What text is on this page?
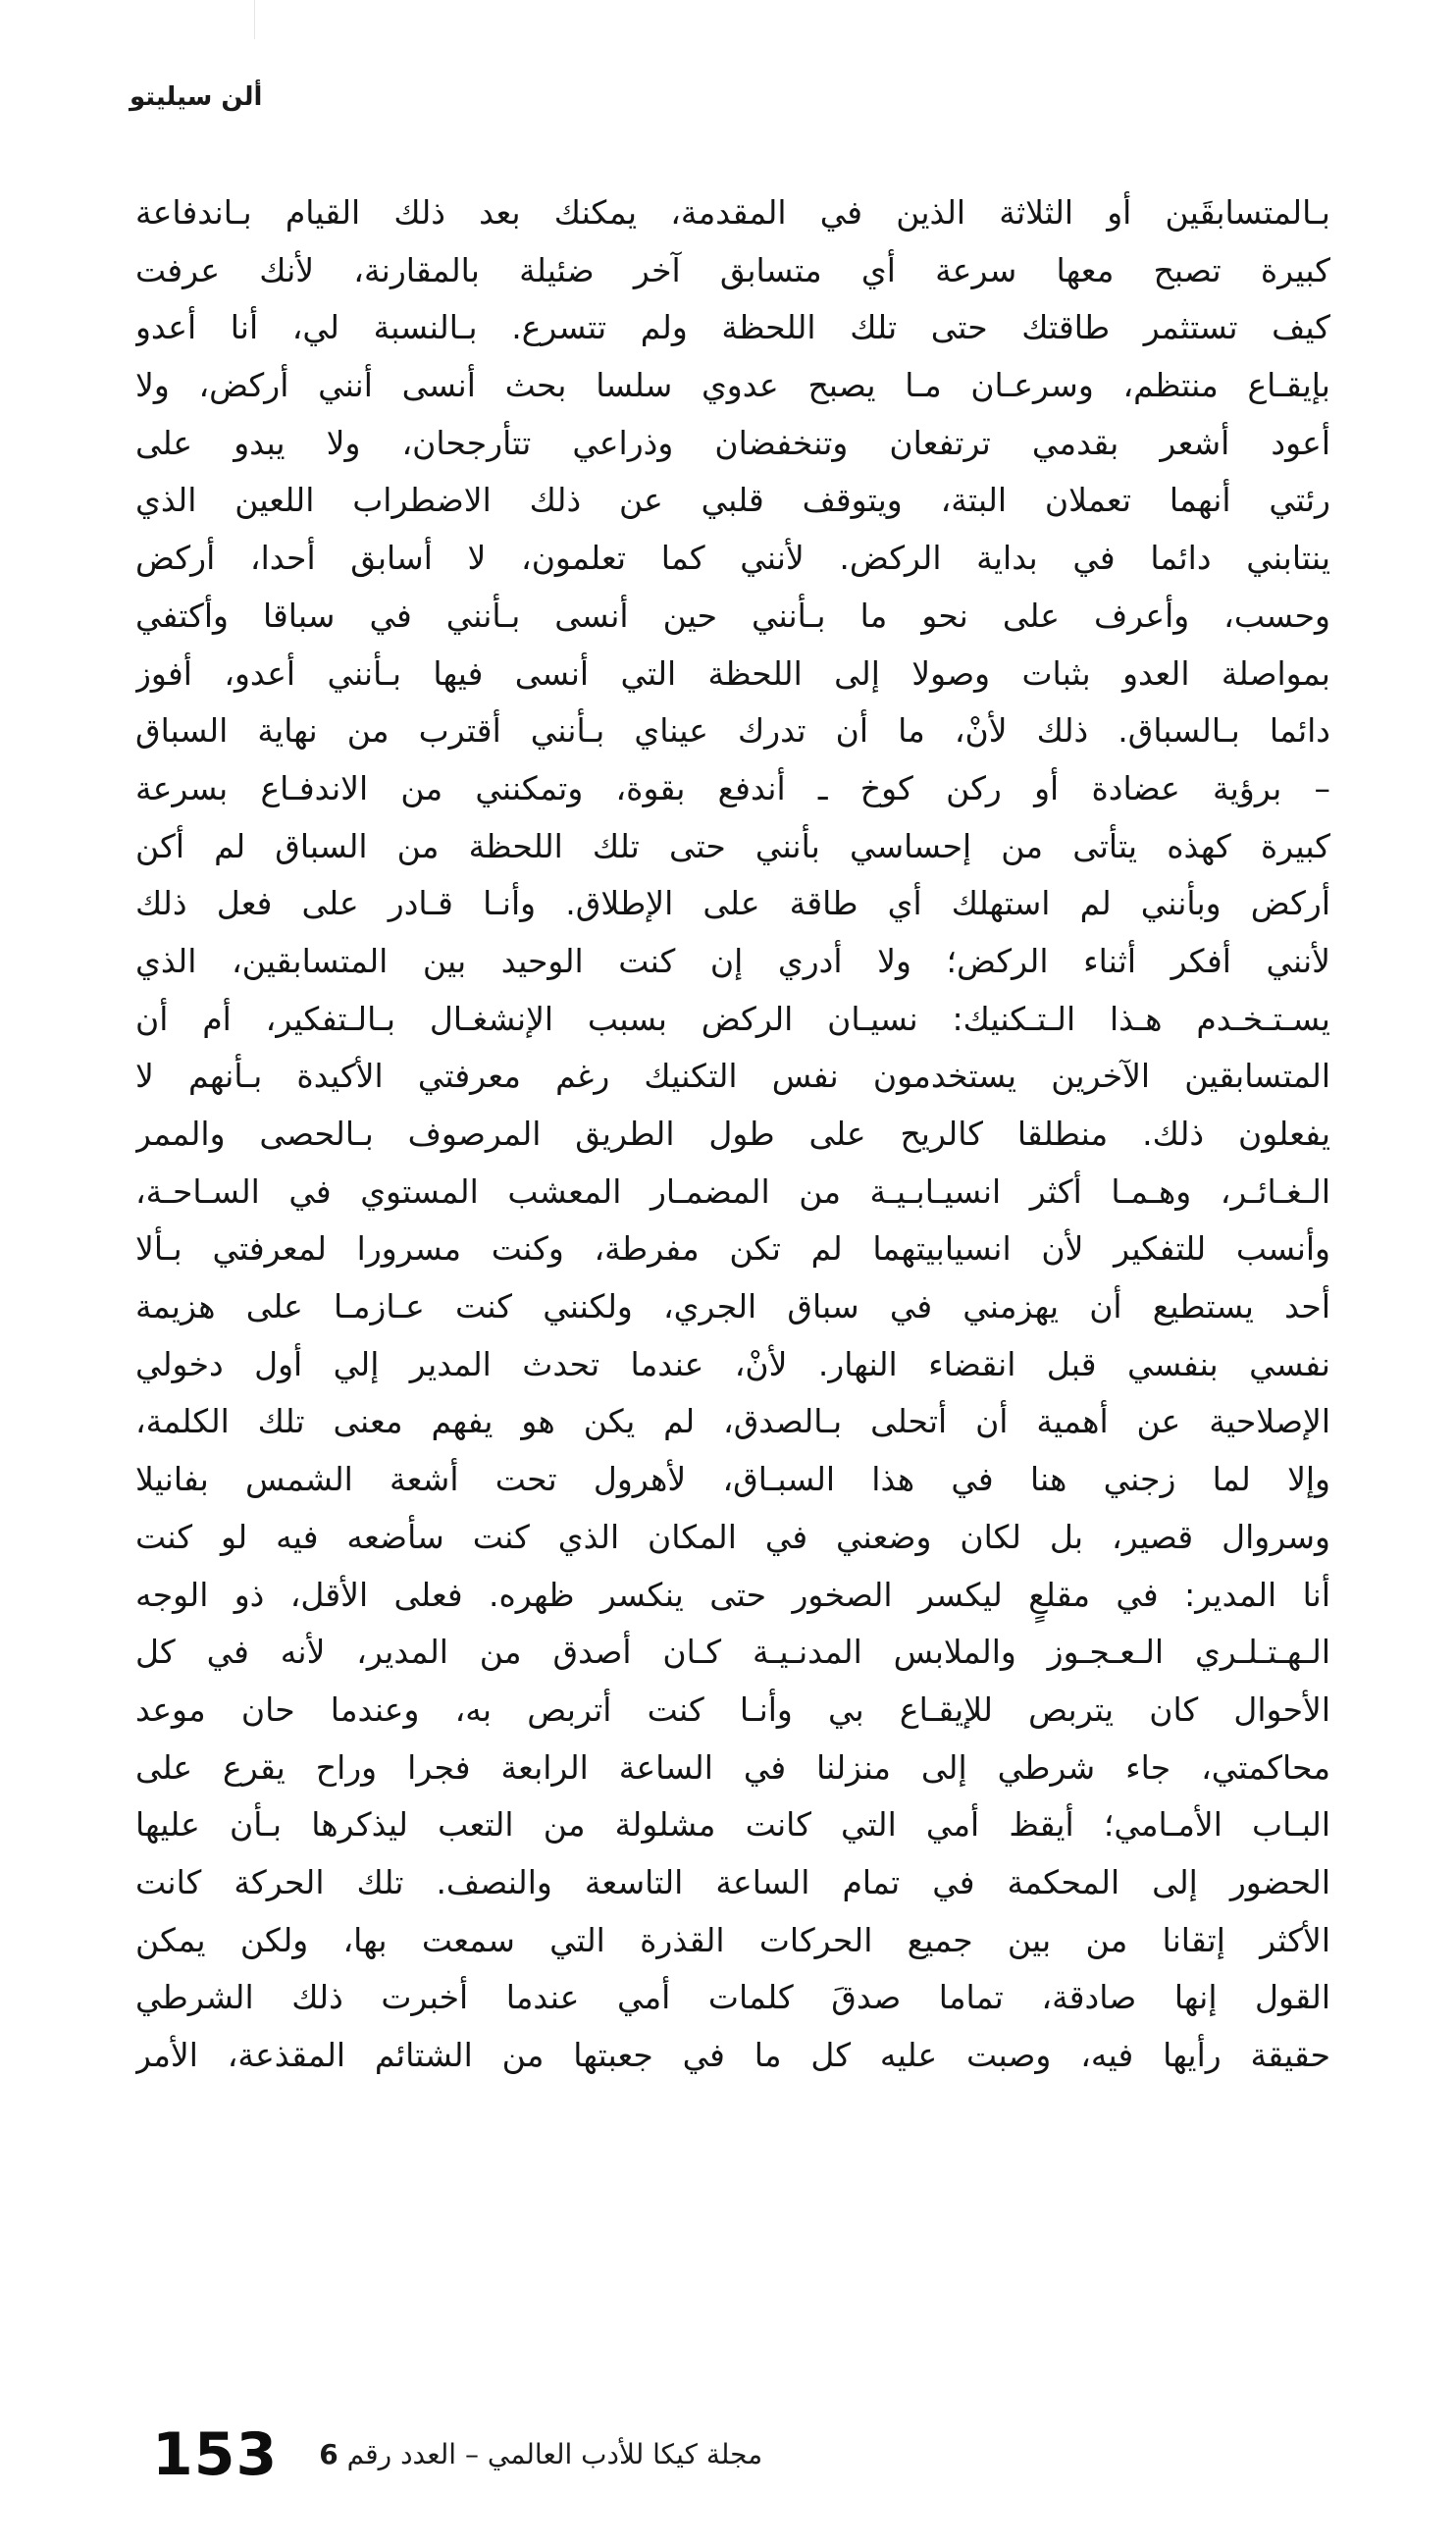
ألن سيليتو
بـالمتسابقَين أو الثلاثة الذين في المقدمة، يمكنك بعد ذلك القيام بـاندفاعة
كبيرة تصبح معها سرعة أي متسابق آخر ضئيلة بالمقارنة، لأنك عرفت
كيف تستثمر طاقتك حتى تلك اللحظة ولم تتسرع. بـالنسبة لي، أنا أعدو
بإيقـاع منتظم، وسرعـان مـا يصبح عدوي سلسا بحث أنسى أنني أركض، ولا
أعود أشعر بقدمي ترتفعان وتنخفضان وذراعي تتأرجحان، ولا يبدو على
رئتي أنهما تعملان البتة، ويتوقف قلبي عن ذلك الاضطراب اللعين الذي
ينتابني دائما في بداية الركض. لأنني كما تعلمون، لا أسابق أحدا، أركض
وحسب، وأعرف على نحو ما بـأنني حين أنسى بـأنني في سباقا وأكتفي
بمواصلة العدو بثبات وصولا إلى اللحظة التي أنسى فيها بـأنني أعدو، أفوز
دائما بـالسباق. ذلك لأنْ، ما أن تدرك عيناي بـأنني أقترب من نهاية السباق
– برؤية عضادة أو ركن كوخ ـ أندفع بقوة، وتمكنني من الاندفـاع بسرعة
كبيرة كهذه يتأتى من إحساسي بأنني حتى تلك اللحظة من السباق لم أكن
أركض وبأنني لم استهلك أي طاقة على الإطلاق. وأنـا قـادر على فعل ذلك
لأنني أفكر أثناء الركض؛ ولا أدري إن كنت الوحيد بين المتسابقين، الذي
يسـتـخـدم هـذا الـتـكنيك: نسيـان الركض بسبب الإنشغـال بـالـتفكير، أم أن
المتسابقين الآخرين يستخدمون نفس التكنيك رغم معرفتي الأكيدة بـأنهم لا
يفعلون ذلك. منطلقا كالريح على طول الطريق المرصوف بـالحصى والممر
الـغـائـر، وهـمـا أكثر انسيـابـيـة من المضمـار المعشب المستوي في السـاحـة،
وأنسب للتفكير لأن انسيابيتهما لم تكن مفرطة، وكنت مسرورا لمعرفتي بـألا
أحد يستطيع أن يهزمني في سباق الجري، ولكنني كنت عـازمـا على هزيمة
نفسي بنفسي قبل انقضاء النهار. لأنْ، عندما تحدث المدير إلي أول دخولي
الإصلاحية عن أهمية أن أتحلى بـالصدق، لم يكن هو يفهم معنى تلك الكلمة،
وإلا لما زجني هنا في هذا السبـاق، لأهرول تحت أشعة الشمس بفانيلا
وسروال قصير، بل لكان وضعني في المكان الذي كنت سأضعه فيه لو كنت
أنا المدير: في مقلعٍ ليكسر الصخور حتى ينكسر ظهره. فعلى الأقل، ذو الوجه
الـهـتـلـري الـعـجـوز والملابس المدنـيـة كـان أصدق من المدير، لأنه في كل
الأحوال كان يتربص للإيقـاع بي وأنـا كنت أتربص به، وعندما حان موعد
محاكمتي، جاء شرطي إلى منزلنا في الساعة الرابعة فجرا وراح يقرع على
البـاب الأمـامي؛ أيقظ أمي التي كانت مشلولة من التعب ليذكرها بـأن عليها
الحضور إلى المحكمة في تمام الساعة التاسعة والنصف. تلك الحركة كانت
الأكثر إتقانا من بين جميع الحركات القذرة التي سمعت بها، ولكن يمكن
القول إنها صادقة، تماما صدقَ كلمات أمي عندما أخبرت ذلك الشرطي
حقيقة رأيها فيه، وصبت عليه كل ما في جعبتها من الشتائم المقذعة، الأمر
153	مجلة كيكا للأدب العالمي – العدد رقم 6
